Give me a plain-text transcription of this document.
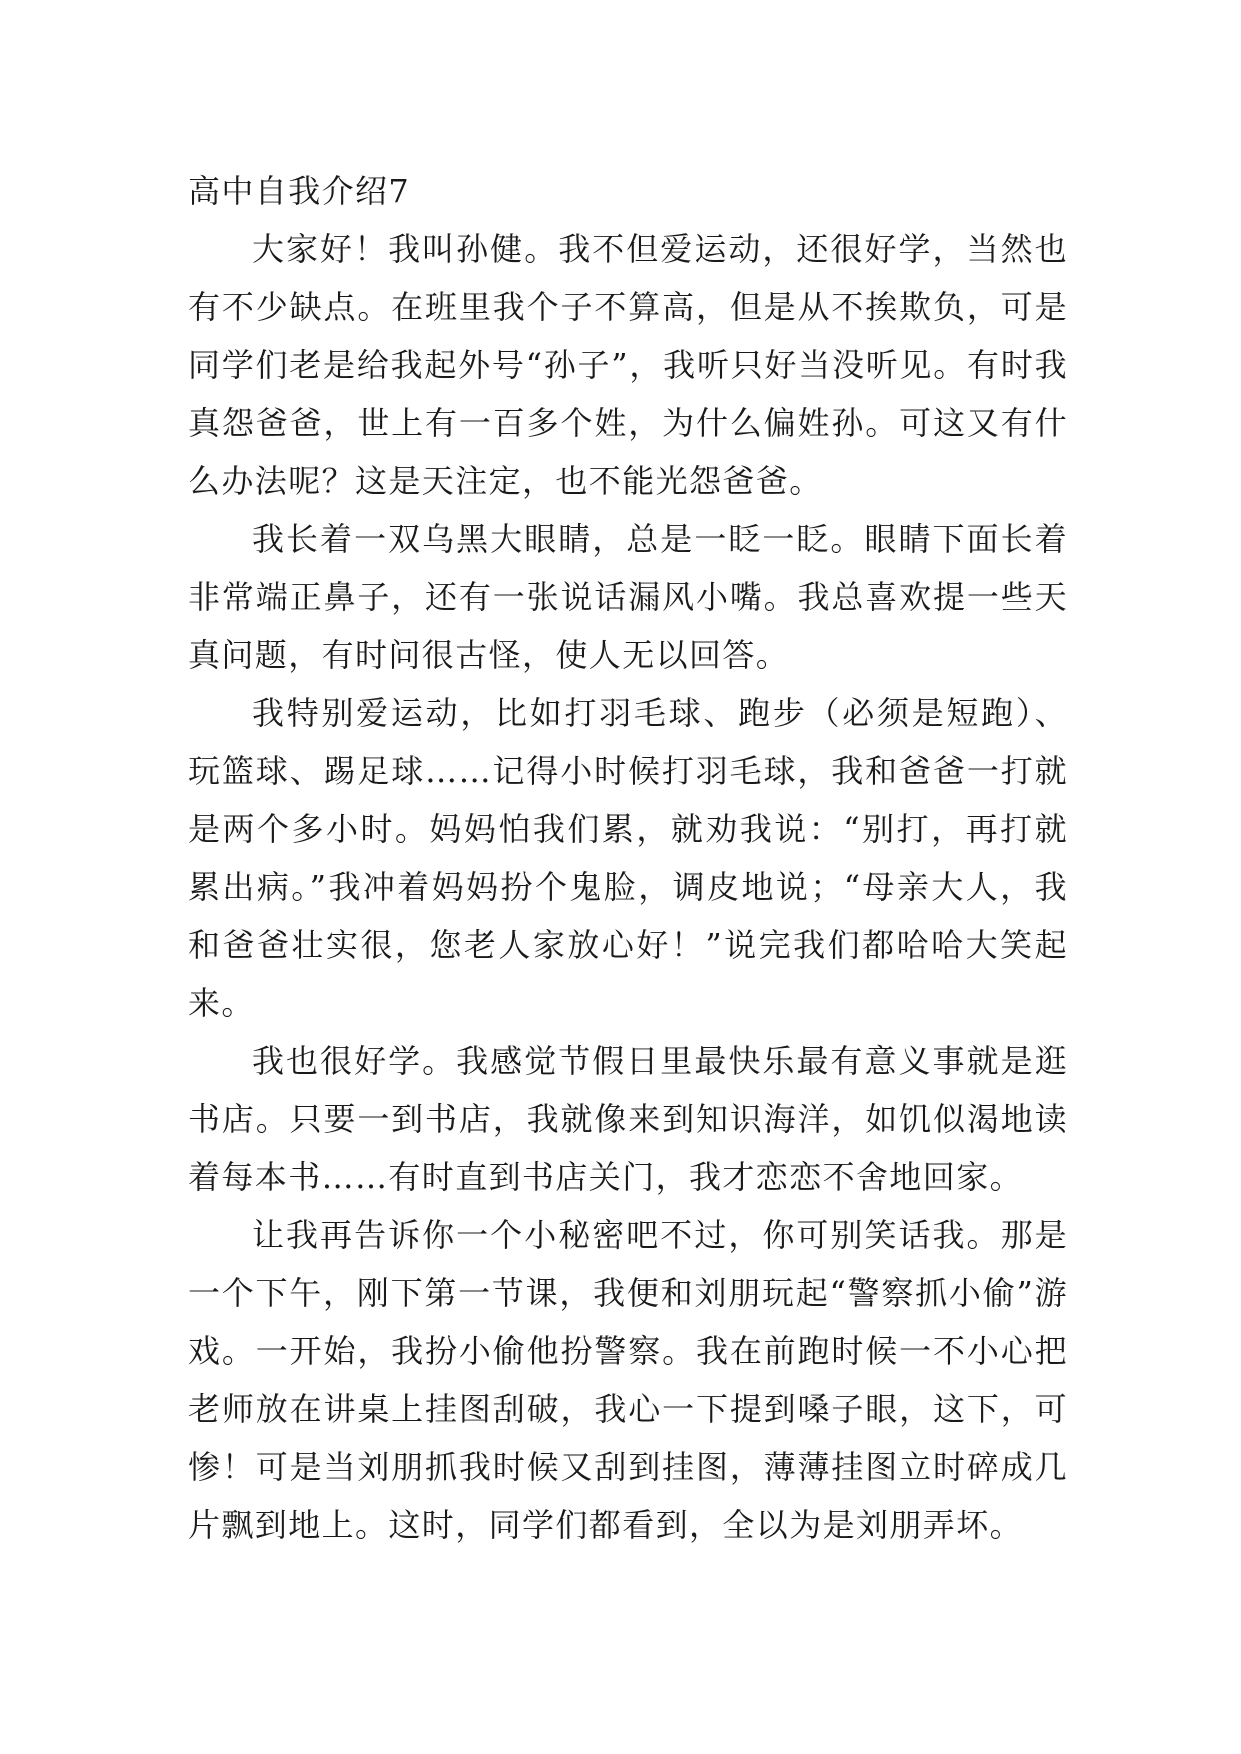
高中自我介绍7

大家好！我叫孙健。我不但爱运动，还很好学，当然也有不少缺点。在班里我个子不算高，但是从不挨欺负，可是同学们老是给我起外号“孙子”，我听只好当没听见。有时我真怨爸爸，世上有一百多个姓，为什么偏姓孙。可这又有什么办法呢？这是天注定，也不能光怨爸爸。

我长着一双乌黑大眼睛，总是一眨一眨。眼睛下面长着非常端正鼻子，还有一张说话漏风小嘴。我总喜欢提一些天真问题，有时问很古怪，使人无以回答。

我特别爱运动，比如打羽毛球、跑步（必须是短跑）、玩篮球、踢足球……记得小时候打羽毛球，我和爸爸一打就是两个多小时。妈妈怕我们累，就劝我说：“别打，再打就累出病。”我冲着妈妈扮个鬼脸，调皮地说；“母亲大人，我和爸爸壮实很，您老人家放心好！”说完我们都哈哈大笑起来。

我也很好学。我感觉节假日里最快乐最有意义事就是逛书店。只要一到书店，我就像来到知识海洋，如饥似渴地读着每本书……有时直到书店关门，我才恋恋不舍地回家。

让我再告诉你一个小秘密吧不过，你可别笑话我。那是一个下午，刚下第一节课，我便和刘朋玩起“警察抓小偷”游戏。一开始，我扮小偷他扮警察。我在前跑时候一不小心把老师放在讲桌上挂图刮破，我心一下提到嗓子眼，这下，可惨！可是当刘朋抓我时候又刮到挂图，薄薄挂图立时碎成几片飘到地上。这时，同学们都看到，全以为是刘朋弄坏。
